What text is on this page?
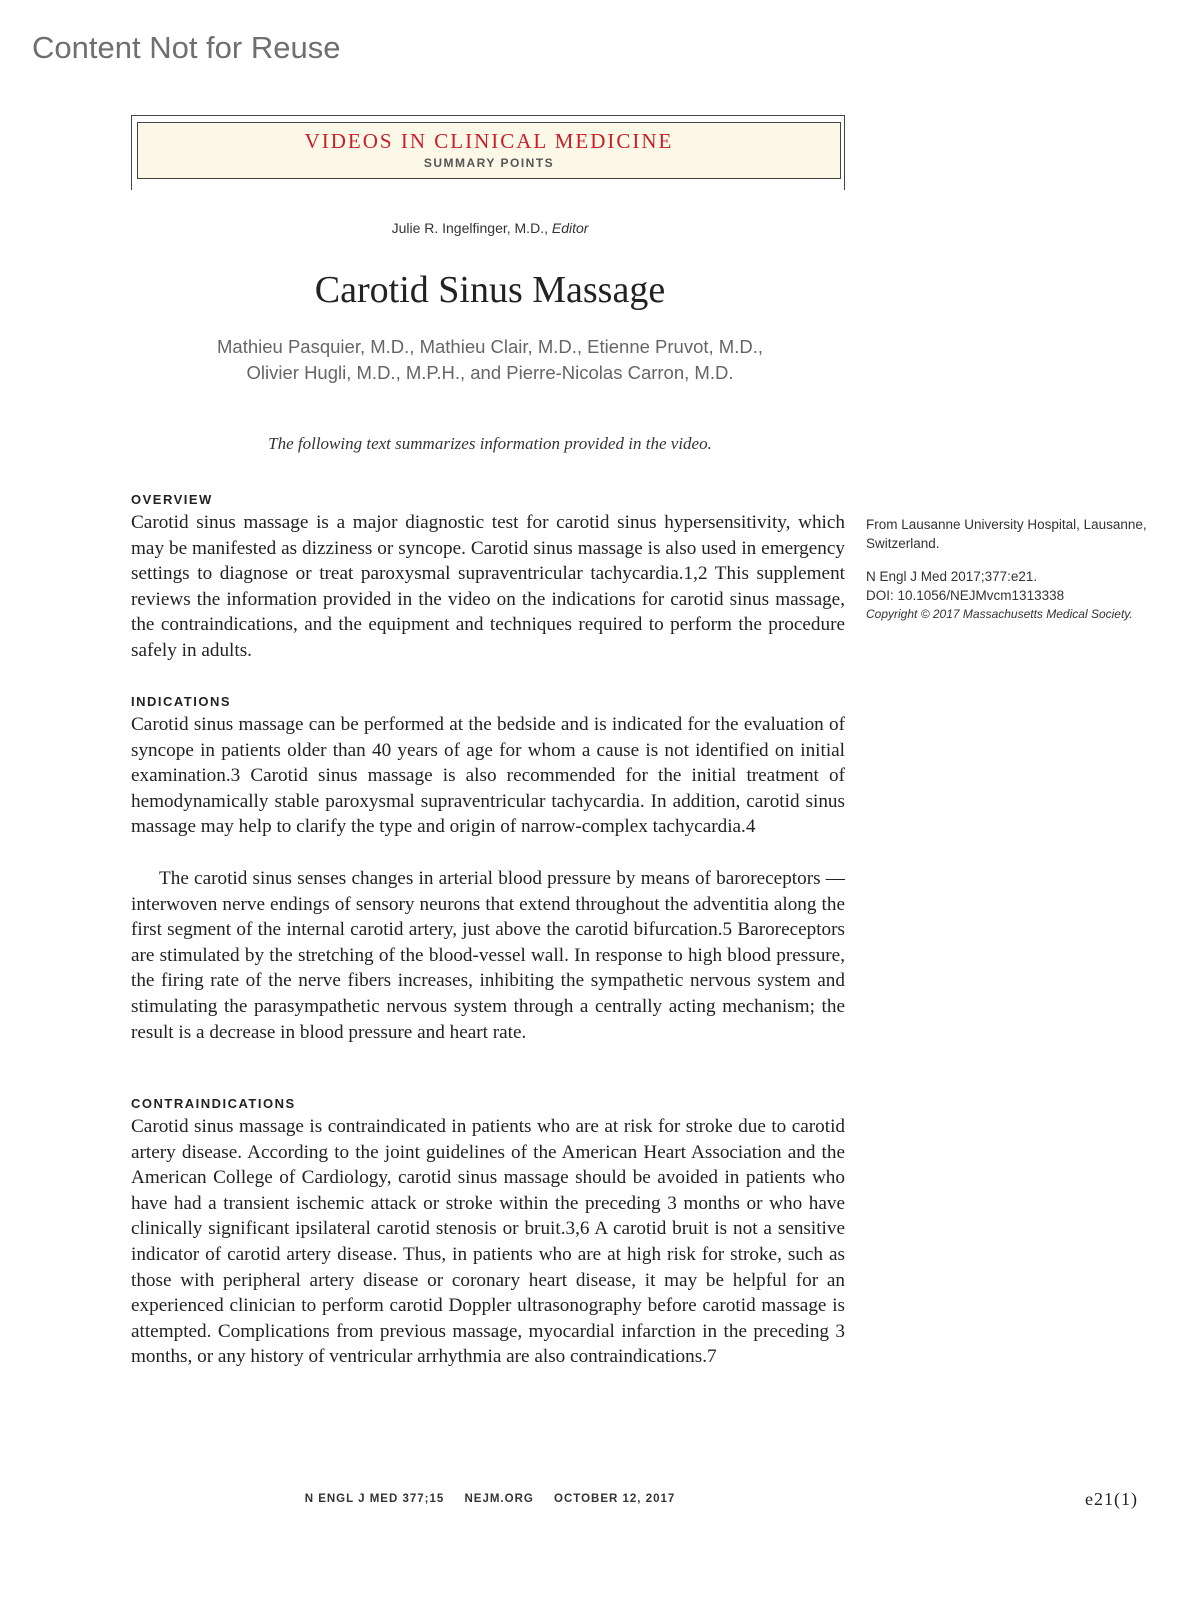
Content Not for Reuse
VIDEOS IN CLINICAL MEDICINE
SUMMARY POINTS
Julie R. Ingelfinger, M.D., Editor
Carotid Sinus Massage
Mathieu Pasquier, M.D., Mathieu Clair, M.D., Etienne Pruvot, M.D.,
Olivier Hugli, M.D., M.P.H., and Pierre-Nicolas Carron, M.D.
The following text summarizes information provided in the video.
OVERVIEW

Carotid sinus massage is a major diagnostic test for carotid sinus hypersensitivity, which may be manifested as dizziness or syncope. Carotid sinus massage is also used in emergency settings to diagnose or treat paroxysmal supraventricular tachycardia.1,2 This supplement reviews the information provided in the video on the indications for carotid sinus massage, the contraindications, and the equipment and techniques required to perform the procedure safely in adults.

From Lausanne University Hospital, Lausanne, Switzerland.
N Engl J Med 2017;377:e21.
DOI: 10.1056/NEJMvcm1313338
Copyright © 2017 Massachusetts Medical Society.
INDICATIONS

Carotid sinus massage can be performed at the bedside and is indicated for the evaluation of syncope in patients older than 40 years of age for whom a cause is not identified on initial examination.3 Carotid sinus massage is also recommended for the initial treatment of hemodynamically stable paroxysmal supraventricular tachycardia. In addition, carotid sinus massage may help to clarify the type and origin of narrow-complex tachycardia.4

The carotid sinus senses changes in arterial blood pressure by means of baroreceptors — interwoven nerve endings of sensory neurons that extend throughout the adventitia along the first segment of the internal carotid artery, just above the carotid bifurcation.5 Baroreceptors are stimulated by the stretching of the blood-vessel wall. In response to high blood pressure, the firing rate of the nerve fibers increases, inhibiting the sympathetic nervous system and stimulating the parasympathetic nervous system through a centrally acting mechanism; the result is a decrease in blood pressure and heart rate.

CONTRAINDICATIONS

Carotid sinus massage is contraindicated in patients who are at risk for stroke due to carotid artery disease. According to the joint guidelines of the American Heart Association and the American College of Cardiology, carotid sinus massage should be avoided in patients who have had a transient ischemic attack or stroke within the preceding 3 months or who have clinically significant ipsilateral carotid stenosis or bruit.3,6 A carotid bruit is not a sensitive indicator of carotid artery disease. Thus, in patients who are at high risk for stroke, such as those with peripheral artery disease or coronary heart disease, it may be helpful for an experienced clinician to perform carotid Doppler ultrasonography before carotid massage is attempted. Complications from previous massage, myocardial infarction in the preceding 3 months, or any history of ventricular arrhythmia are also contraindications.7

N ENGL J MED 377;15 NEJM.ORG OCTOBER 12, 2017	e21(1)
